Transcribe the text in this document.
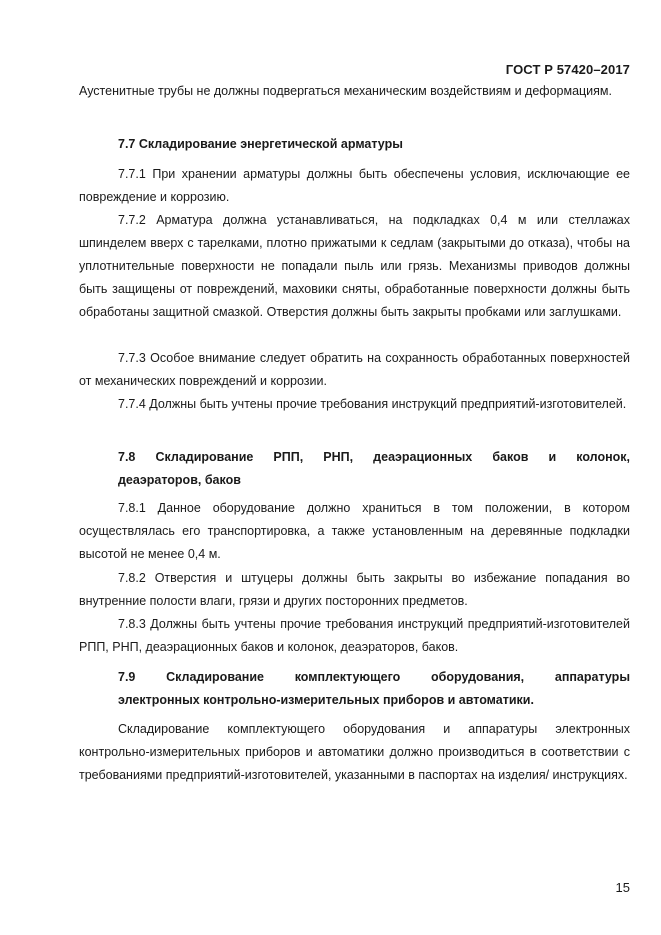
ГОСТ Р 57420–2017

Аустенитные трубы не должны подвергаться механическим воздействиям и деформациям.

7.7 Складирование энергетической арматуры

7.7.1 При хранении арматуры должны быть обеспечены условия, исключающие ее повреждение и коррозию.

7.7.2 Арматура должна устанавливаться, на подкладках 0,4 м или стеллажах шпинделем вверх с тарелками, плотно прижатыми к седлам (закрытыми до отказа), чтобы на уплотнительные поверхности не попадали пыль или грязь. Механизмы приводов должны быть защищены от повреждений, маховики сняты, обработанные поверхности должны быть обработаны защитной смазкой. Отверстия должны быть закрыты пробками или заглушками.

7.7.3 Особое внимание следует обратить на сохранность обработанных поверхностей от механических повреждений и коррозии.

7.7.4 Должны быть учтены прочие требования инструкций предприятий-изготовителей.

7.8 Складирование РПП, РНП, деаэрационных баков и колонок,

деаэраторов, баков

7.8.1 Данное оборудование должно храниться в том положении, в котором осуществлялась его транспортировка, а также установленным на деревянные подкладки высотой не менее 0,4 м.

7.8.2 Отверстия и штуцеры должны быть закрыты во избежание попадания во внутренние полости влаги, грязи и других посторонних предметов.

7.8.3 Должны быть учтены прочие требования инструкций предприятий-изготовителей РПП, РНП, деаэрационных баков и колонок, деаэраторов, баков.

7.9 Складирование комплектующего оборудования, аппаратуры

электронных контрольно-измерительных приборов и автоматики.

Складирование комплектующего оборудования и аппаратуры электронных контрольно-измерительных приборов и автоматики должно производиться в соответствии с требованиями предприятий-изготовителей, указанными в паспортах на изделия/ инструкциях.

15
